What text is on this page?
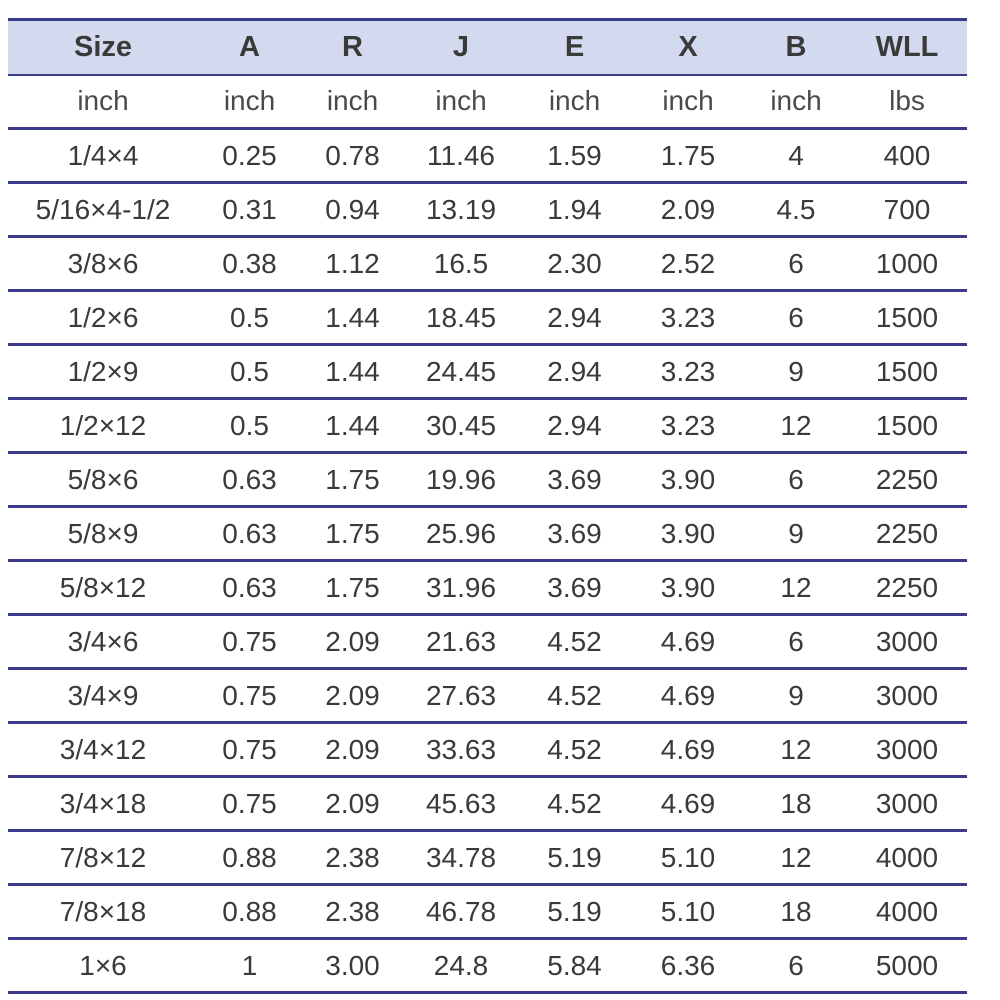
Size	A	R	J	E	X	B	WLL
inch	inch	inch	inch	inch	inch	inch	lbs
1/4×4	0.25	0.78	11.46	1.59	1.75	4	400
5/16×4-1/2	0.31	0.94	13.19	1.94	2.09	4.5	700
3/8×6	0.38	1.12	16.5	2.30	2.52	6	1000
1/2×6	0.5	1.44	18.45	2.94	3.23	6	1500
1/2×9	0.5	1.44	24.45	2.94	3.23	9	1500
1/2×12	0.5	1.44	30.45	2.94	3.23	12	1500
5/8×6	0.63	1.75	19.96	3.69	3.90	6	2250
5/8×9	0.63	1.75	25.96	3.69	3.90	9	2250
5/8×12	0.63	1.75	31.96	3.69	3.90	12	2250
3/4×6	0.75	2.09	21.63	4.52	4.69	6	3000
3/4×9	0.75	2.09	27.63	4.52	4.69	9	3000
3/4×12	0.75	2.09	33.63	4.52	4.69	12	3000
3/4×18	0.75	2.09	45.63	4.52	4.69	18	3000
7/8×12	0.88	2.38	34.78	5.19	5.10	12	4000
7/8×18	0.88	2.38	46.78	5.19	5.10	18	4000
1×6	1	3.00	24.8	5.84	6.36	6	5000
